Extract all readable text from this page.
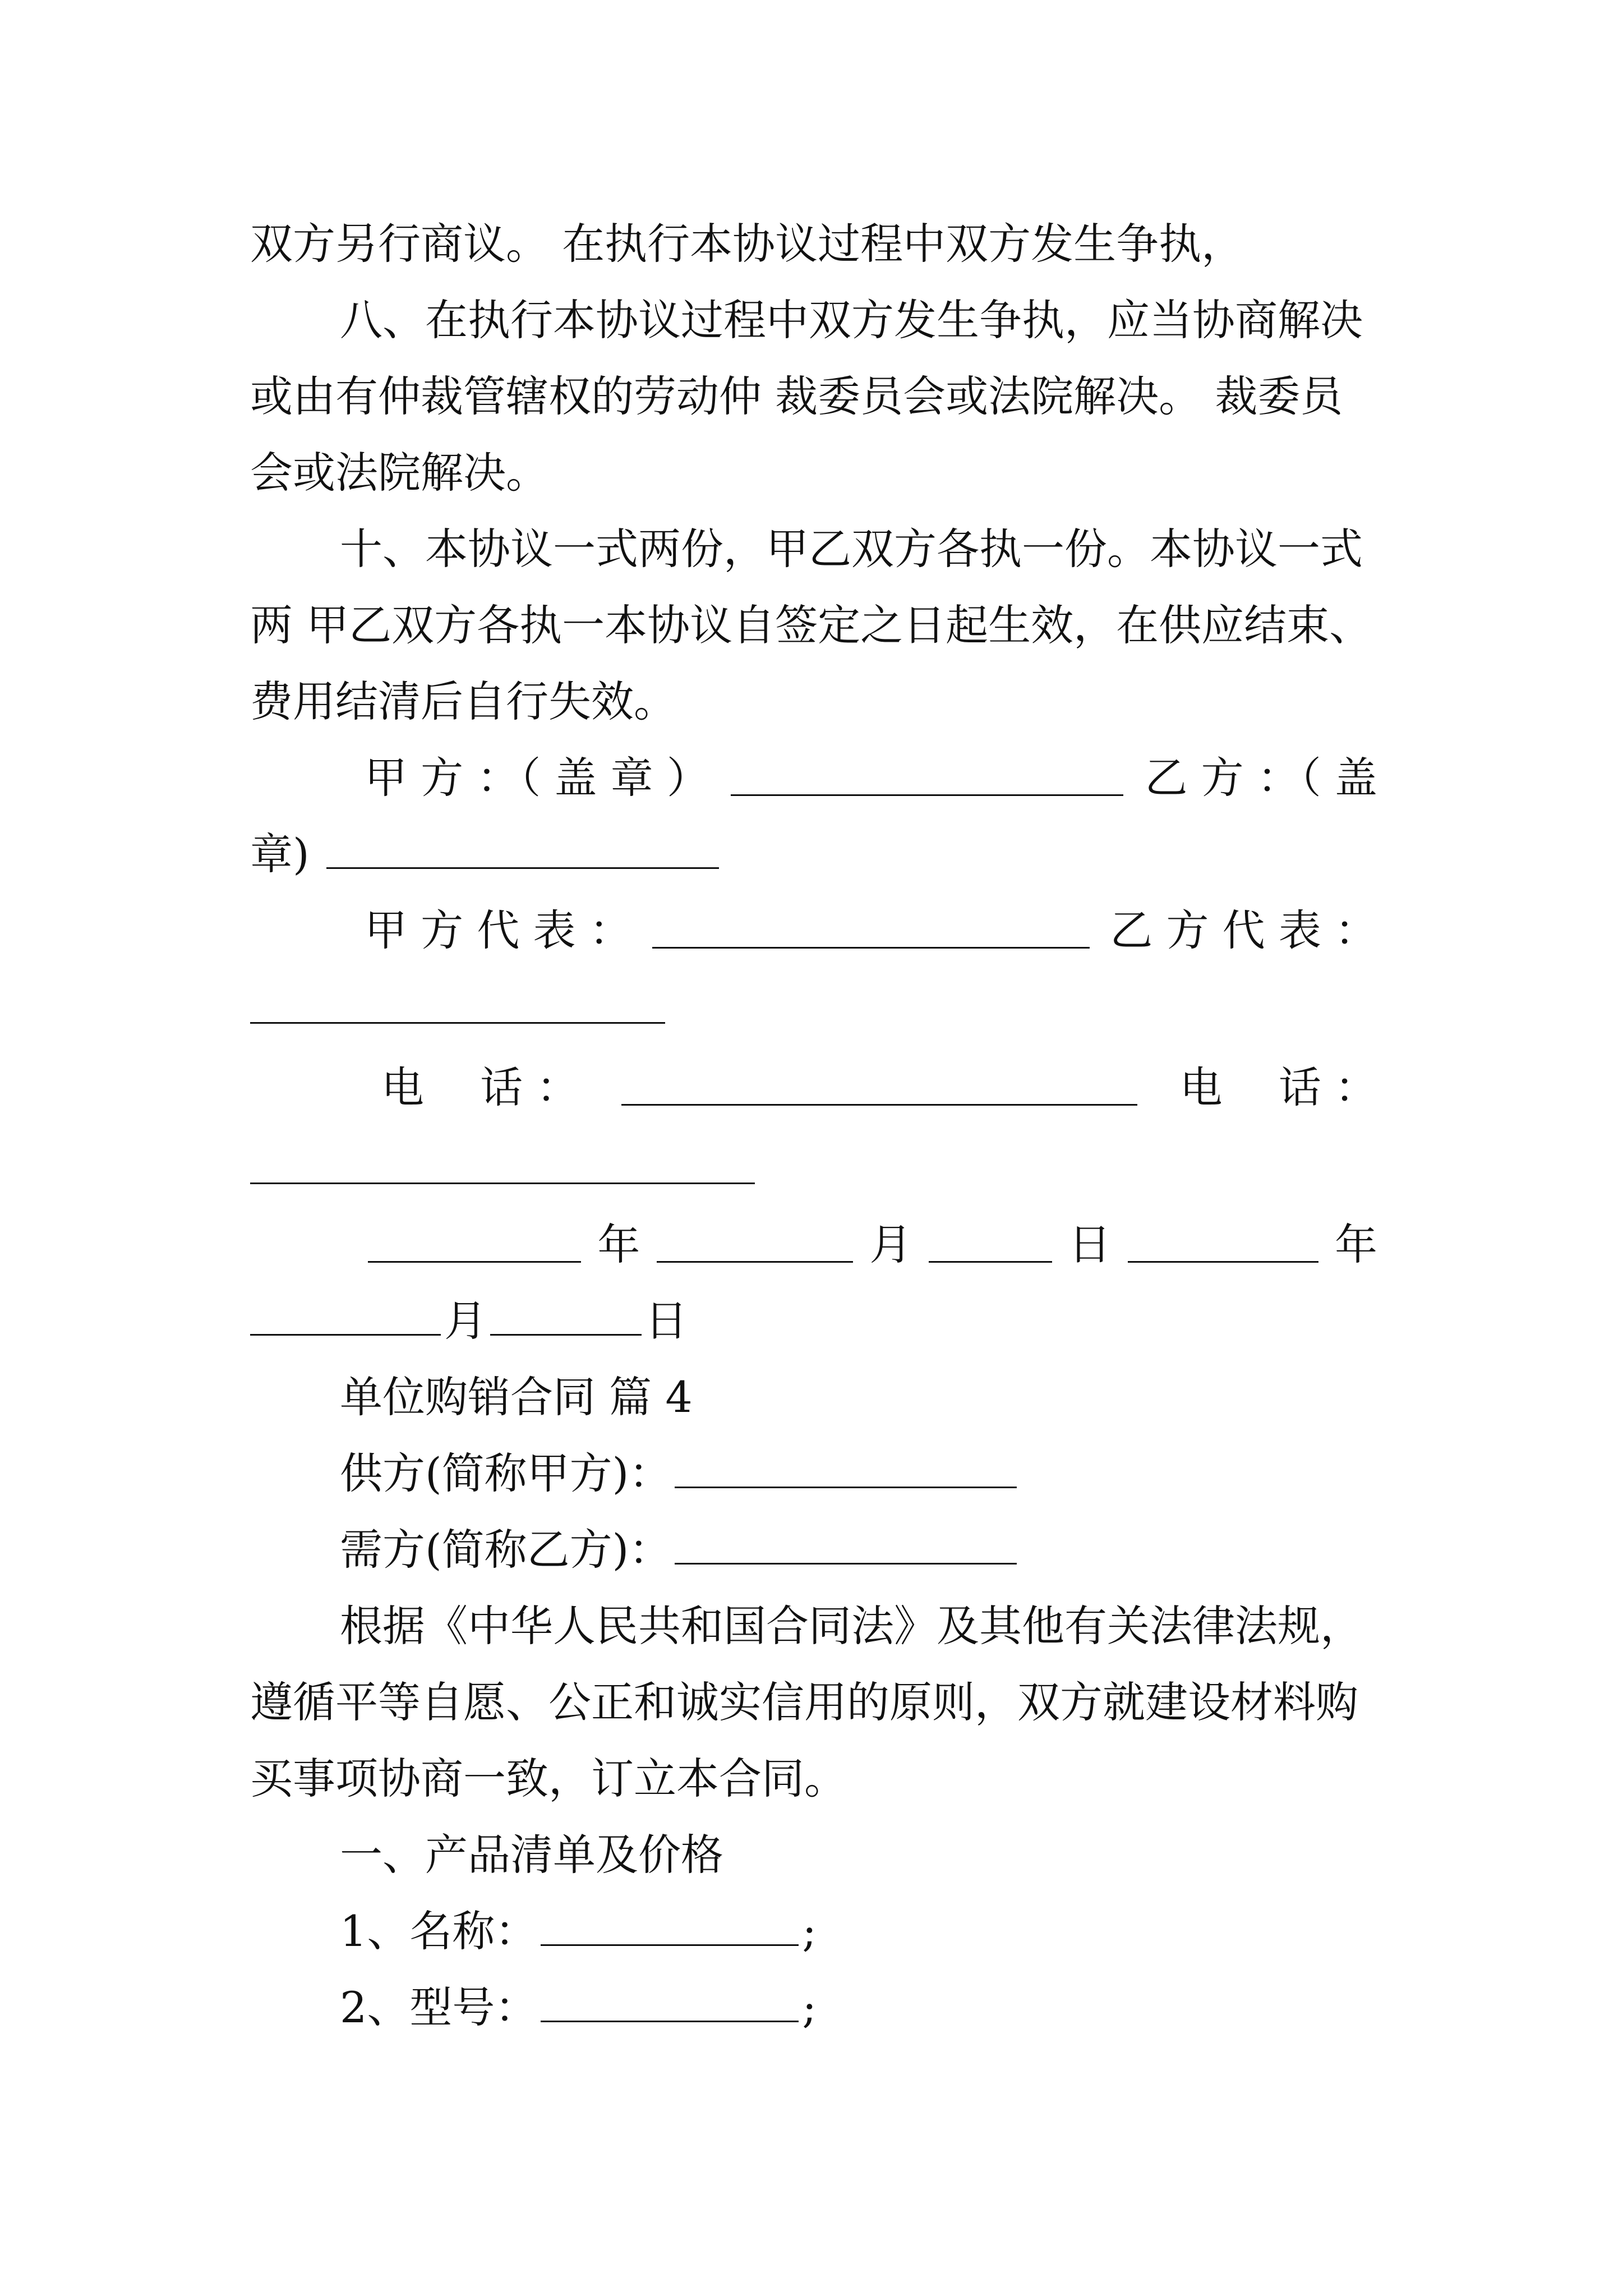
双方另行商议。 在执行本协议过程中双方发生争执，
八、在执行本协议过程中双方发生争执，应当协商解决
或由有仲裁管辖权的劳动仲 裁委员会或法院解决。 裁委员
会或法院解决。
十、本协议一式两份，甲乙双方各执一份。本协议一式
两 甲乙双方各执一本协议自签定之日起生效，在供应结束、
费用结清后自行失效。
甲 方 ：（ 盖 章 ）	乙 方 ：（ 盖
章)
甲 方 代 表 ：	乙 方 代 表 ：
电　 话 ：	电　 话 ：
年	月	日	年
月	日
单位购销合同 篇 4
供方(简称甲方)：
需方(简称乙方)：
根据《中华人民共和国合同法》及其他有关法律法规，
遵循平等自愿、公正和诚实信用的原则，双方就建设材料购
买事项协商一致，订立本合同。
一、产品清单及价格
1、名称：	;
2、型号：	;
